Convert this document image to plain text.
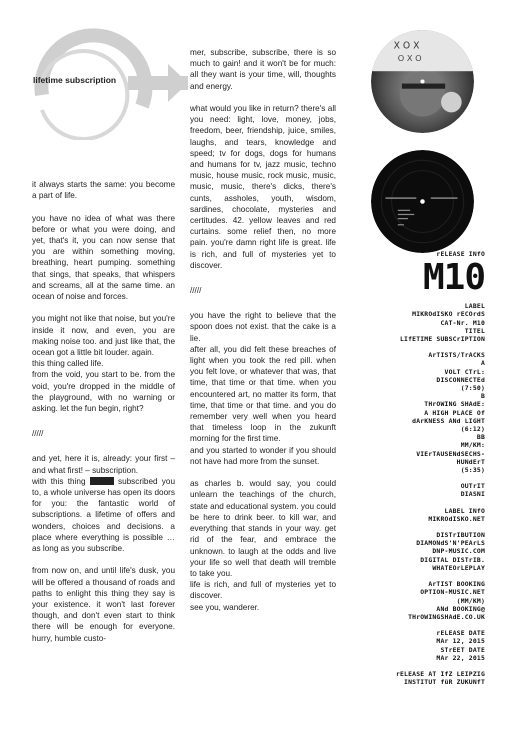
lifetime subscription

it always starts the same: you become a part of life.

you have no idea of what was there before or what you were doing, and yet, that's it, you can now sense that you are within something moving, breathing, heart pumping. something that sings, that speaks, that whispers and screams, all at the same time. an ocean of noise and forces.

you might not like that noise, but you're inside it now, and even, you are making noise too. and just like that, the ocean got a little bit louder. again.
this thing called life.
from the void, you start to be. from the void, you're dropped in the middle of the playground, with no warning or asking. let the fun begin, right?

/////

and yet, here it is, already: your first – and what first! – subscription.
with this thing	subscribed you to, a whole universe has open its doors for you: the fantastic world of subscriptions. a lifetime of offers and wonders, choices and decisions. a place where everything is possible … as long as you subscribe.

from now on, and until life's dusk, you will be offered a thousand of roads and paths to enlight this thing they say is your existence. it won't last forever though, and don't even start to think there will be enough for everyone. hurry, humble custo-

mer, subscribe, subscribe, there is so much to gain! and it won't be for much: all they want is your time, will, thoughts and energy.

what would you like in return? there's all you need: light, love, money, jobs, freedom, beer, friendship, juice, smiles, laughs, and tears, knowledge and speed; tv for dogs, dogs for humans and humans for tv, jazz music, techno music, house music, rock music, music, music, music, there's dicks, there's cunts, assholes, youth, wisdom, sardines, chocolate, mysteries and certitudes. 42. yellow leaves and red curtains. some relief then, no more pain. you're damn right life is great. life is rich, and full of mysteries yet to discover.

/////

you have the right to believe that the spoon does not exist. that the cake is a lie.
after all, you did felt these breaches of light when you took the red pill. when you felt love, or whatever that was, that time, that time or that time. when you encountered art, no matter its form, that time, that time or that time. and you do remember very well when you heard that timeless loop in the zukunft morning for the first time.
and you started to wonder if you should not have had more from the sunset.

as charles b. would say, you could unlearn the teachings of the church, state and educational system. you could be here to drink beer. to kill war, and everything that stands in your way. get rid of the fear, and embrace the unknown. to laugh at the odds and live your life so well that death will tremble to take you.
life is rich, and full of mysteries yet to discover.
see you, wanderer.

X O X
O X O
rELEASE INfO
M10
LABEL
MIKROdISKO rECOrdS
CAT-Nr. M10
TITEL
LIfETIME SUBSCrIPTION
ArTISTS/TrACKS
A
VOLT CTrL:
DISCONNECTEd
(7:50)
B
THrOWING SHAdE:
A HIGH PLACE Of
dArKNESS ANd LIGHT
(6:12)
BB
MM/KM:
VIErTAUSENdSECHS-
HUNdErT
(5:35)
OUTrIT
DIASNI
LABEL INfO
MIKROdISKO.NET
DISTrIBUTION
DIAMONdS'N'PEArLS
DNP-MUSIC.COM
DIGITAL DISTrIB.
WHATEOrLEPLAY
ArTIST BOOKING
OPTION-MUSIC.NET
(MM/KM)
ANd BOOKING@
THrOWINGSHAdE.CO.UK
rELEASE DATE
MAr 12, 2015
STrEET DATE
MAr 22, 2015
rELEASE AT IfZ LEIPZIG
INSTITUT füR ZUKUNfT
